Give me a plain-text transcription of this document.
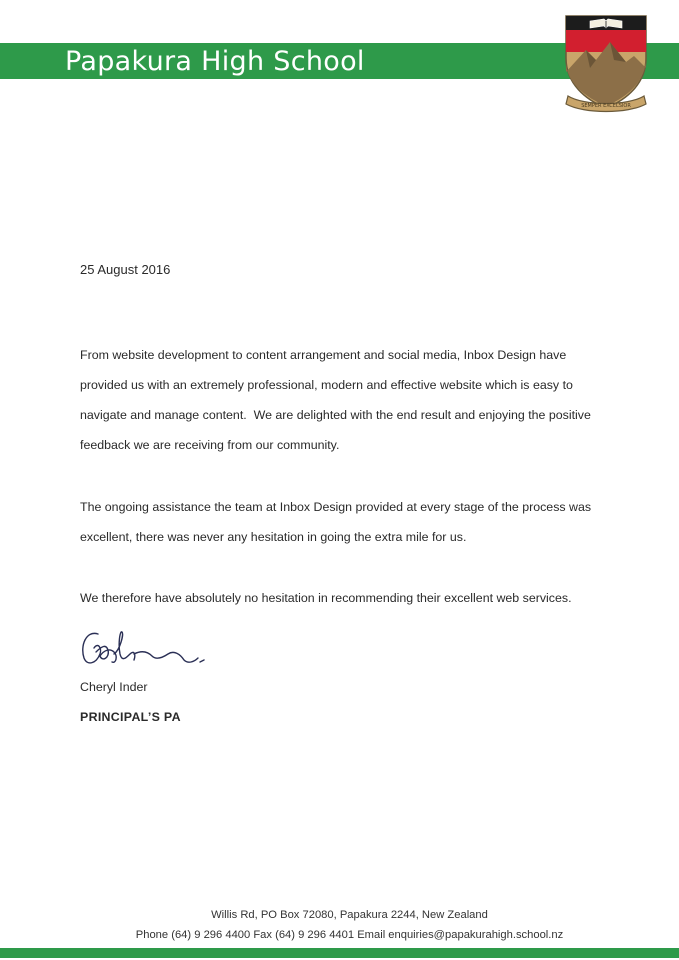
Papakura High School
SEMPER EXCELSIOR
25 August 2016

From website development to content arrangement and social media, Inbox Design have provided us with an extremely professional, modern and effective website which is easy to navigate and manage content.  We are delighted with the end result and enjoying the positive feedback we are receiving from our community.

The ongoing assistance the team at Inbox Design provided at every stage of the process was excellent, there was never any hesitation in going the extra mile for us.

We therefore have absolutely no hesitation in recommending their excellent web services.

Cheryl Inder
PRINCIPAL’S PA
Willis Rd, PO Box 72080, Papakura 2244, New Zealand
Phone (64) 9 296 4400 Fax (64) 9 296 4401 Email enquiries@papakurahigh.school.nz
